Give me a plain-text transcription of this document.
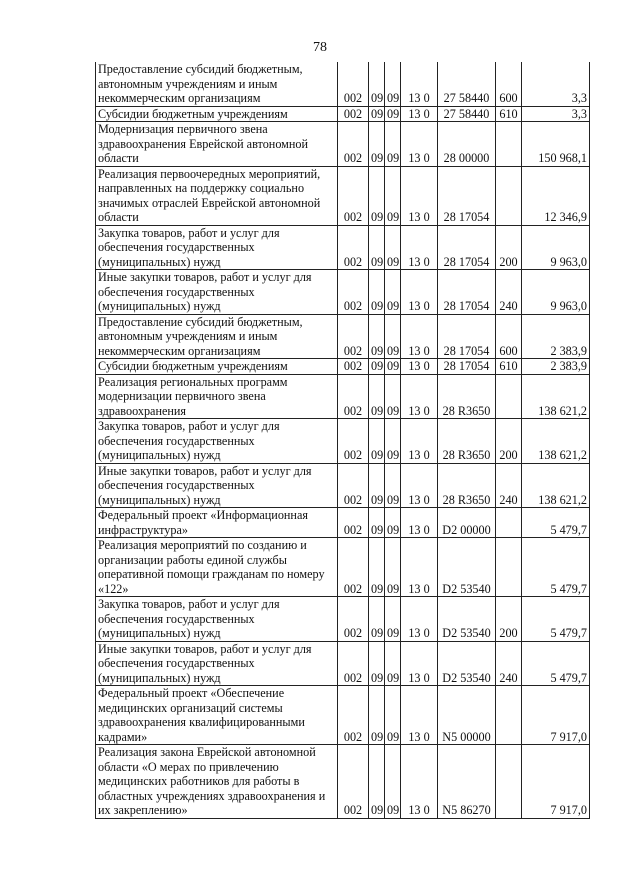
78
Предоставление субсидий бюджетным, автономным учреждениям и иным некоммерческим организациям	002	09	09	13 0	27 58440	600	3,3
Субсидии бюджетным учреждениям	002	09	09	13 0	27 58440	610	3,3
Модернизация первичного звена здравоохранения Еврейской автономной области	002	09	09	13 0	28 00000		150 968,1
Реализация первоочередных мероприятий, направленных на поддержку социально значимых отраслей Еврейской автономной области	002	09	09	13 0	28 17054		12 346,9
Закупка товаров, работ и услуг для обеспечения государственных (муниципальных) нужд	002	09	09	13 0	28 17054	200	9 963,0
Иные закупки товаров, работ и услуг для обеспечения государственных (муниципальных) нужд	002	09	09	13 0	28 17054	240	9 963,0
Предоставление субсидий бюджетным, автономным учреждениям и иным некоммерческим организациям	002	09	09	13 0	28 17054	600	2 383,9
Субсидии бюджетным учреждениям	002	09	09	13 0	28 17054	610	2 383,9
Реализация региональных программ модернизации первичного звена здравоохранения	002	09	09	13 0	28 R3650		138 621,2
Закупка товаров, работ и услуг для обеспечения государственных (муниципальных) нужд	002	09	09	13 0	28 R3650	200	138 621,2
Иные закупки товаров, работ и услуг для обеспечения государственных (муниципальных) нужд	002	09	09	13 0	28 R3650	240	138 621,2
Федеральный проект «Информационная инфраструктура»	002	09	09	13 0	D2 00000		5 479,7
Реализация мероприятий по созданию и организации работы единой службы оперативной помощи гражданам по номеру «122»	002	09	09	13 0	D2 53540		5 479,7
Закупка товаров, работ и услуг для обеспечения государственных (муниципальных) нужд	002	09	09	13 0	D2 53540	200	5 479,7
Иные закупки товаров, работ и услуг для обеспечения государственных (муниципальных) нужд	002	09	09	13 0	D2 53540	240	5 479,7
Федеральный проект «Обеспечение медицинских организаций системы здравоохранения квалифицированными кадрами»	002	09	09	13 0	N5 00000		7 917,0
Реализация закона Еврейской автономной области «О мерах по привлечению медицинских работников для работы в областных учреждениях здравоохранения и их закреплению»	002	09	09	13 0	N5 86270		7 917,0
